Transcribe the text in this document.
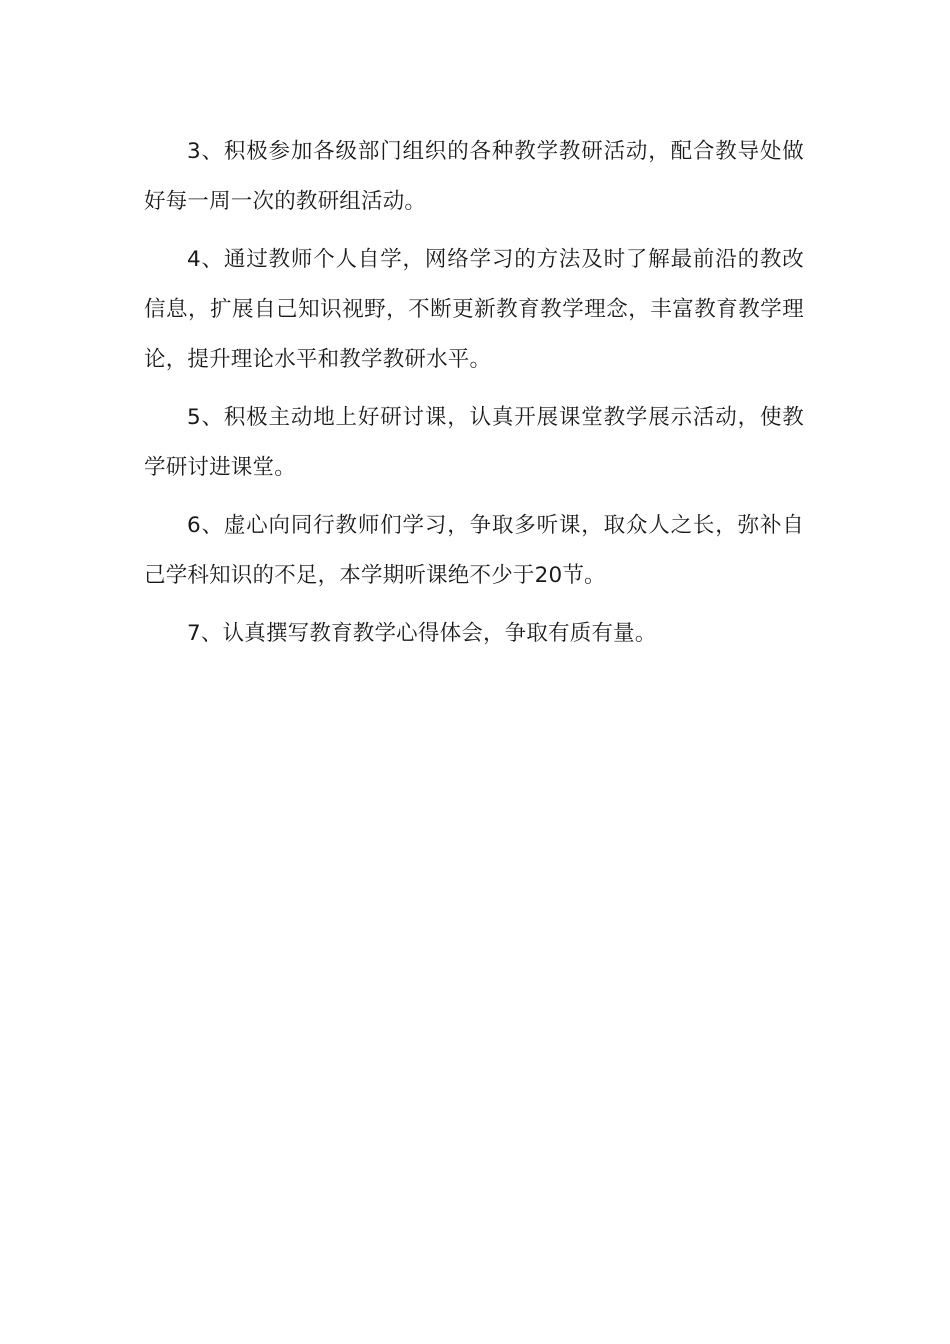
3、积极参加各级部门组织的各种教学教研活动，配合教导处做好每一周一次的教研组活动。

4、通过教师个人自学，网络学习的方法及时了解最前沿的教改信息，扩展自己知识视野，不断更新教育教学理念，丰富教育教学理论，提升理论水平和教学教研水平。

5、积极主动地上好研讨课，认真开展课堂教学展示活动，使教学研讨进课堂。

6、虚心向同行教师们学习，争取多听课，取众人之长，弥补自己学科知识的不足，本学期听课绝不少于20节。

7、认真撰写教育教学心得体会，争取有质有量。
